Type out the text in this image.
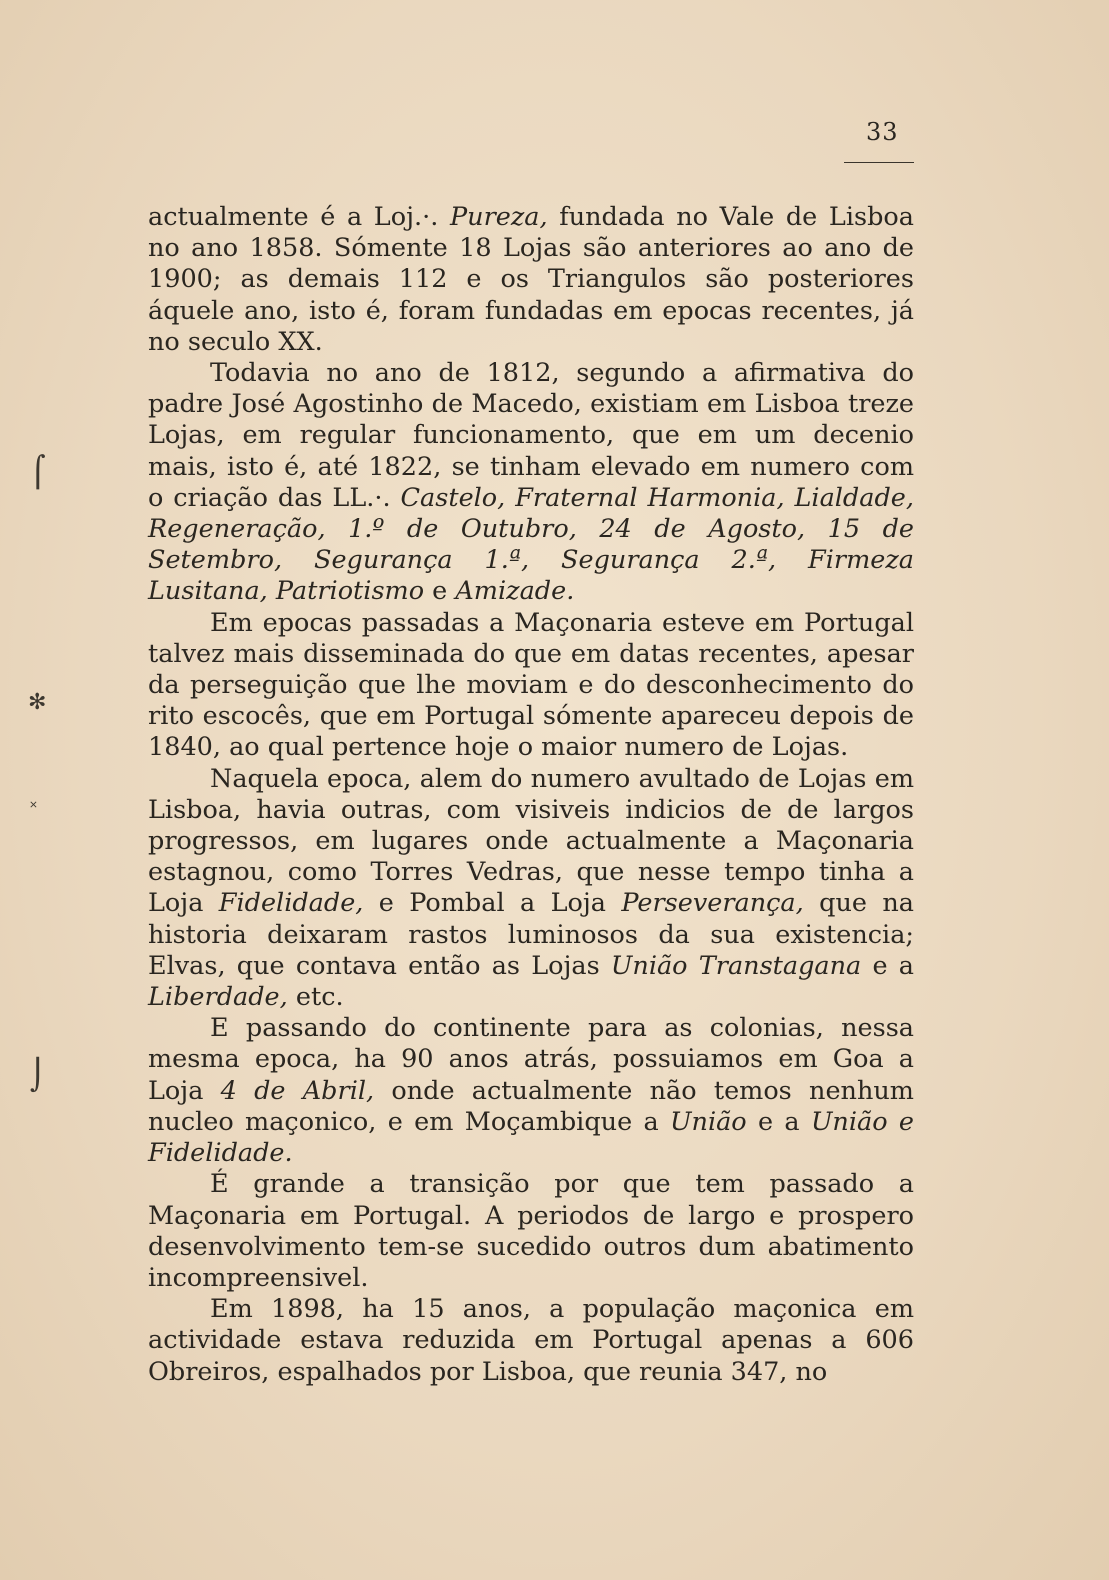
33
⌠
✻
˟
⌡

actualmente é a Loj.·. Pureza, fundada no Vale de Lisboa no ano 1858. Sómente 18 Lojas são anteriores ao ano de 1900; as demais 112 e os Triangulos são posteriores áquele ano, isto é, foram fundadas em epocas recentes, já no seculo XX.

Todavia no ano de 1812, segundo a afirmativa do padre José Agostinho de Macedo, existiam em Lisboa treze Lojas, em regular funcionamento, que em um decenio mais, isto é, até 1822, se tinham elevado em numero com o criação das LL.·. Castelo, Fraternal Harmonia, Lialdade, Regeneração, 1.º de Outubro, 24 de Agosto, 15 de Setembro, Segurança 1.ª, Segurança 2.ª, Firmeza Lusitana, Patriotismo e Amizade.

Em epocas passadas a Maçonaria esteve em Portugal talvez mais disseminada do que em datas recentes, apesar da perseguição que lhe moviam e do desconhecimento do rito escocês, que em Portugal sómente apareceu depois de 1840, ao qual pertence hoje o maior numero de Lojas.

Naquela epoca, alem do numero avultado de Lojas em Lisboa, havia outras, com visiveis indicios de de largos progressos, em lugares onde actualmente a Maçonaria estagnou, como Torres Vedras, que nesse tempo tinha a Loja Fidelidade, e Pombal a Loja Perseverança, que na historia deixaram rastos luminosos da sua existencia; Elvas, que contava então as Lojas União Transtagana e a Liberdade, etc.

E passando do continente para as colonias, nessa mesma epoca, ha 90 anos atrás, possuiamos em Goa a Loja 4 de Abril, onde actualmente não temos nenhum nucleo maçonico, e em Moçambique a União e a União e Fidelidade.

É grande a transição por que tem passado a Maçonaria em Portugal. A periodos de largo e prospero desenvolvimento tem-se sucedido outros dum abatimento incompreensivel.

Em 1898, ha 15 anos, a população maçonica em actividade estava reduzida em Portugal apenas a 606 Obreiros, espalhados por Lisboa, que reunia 347, no
